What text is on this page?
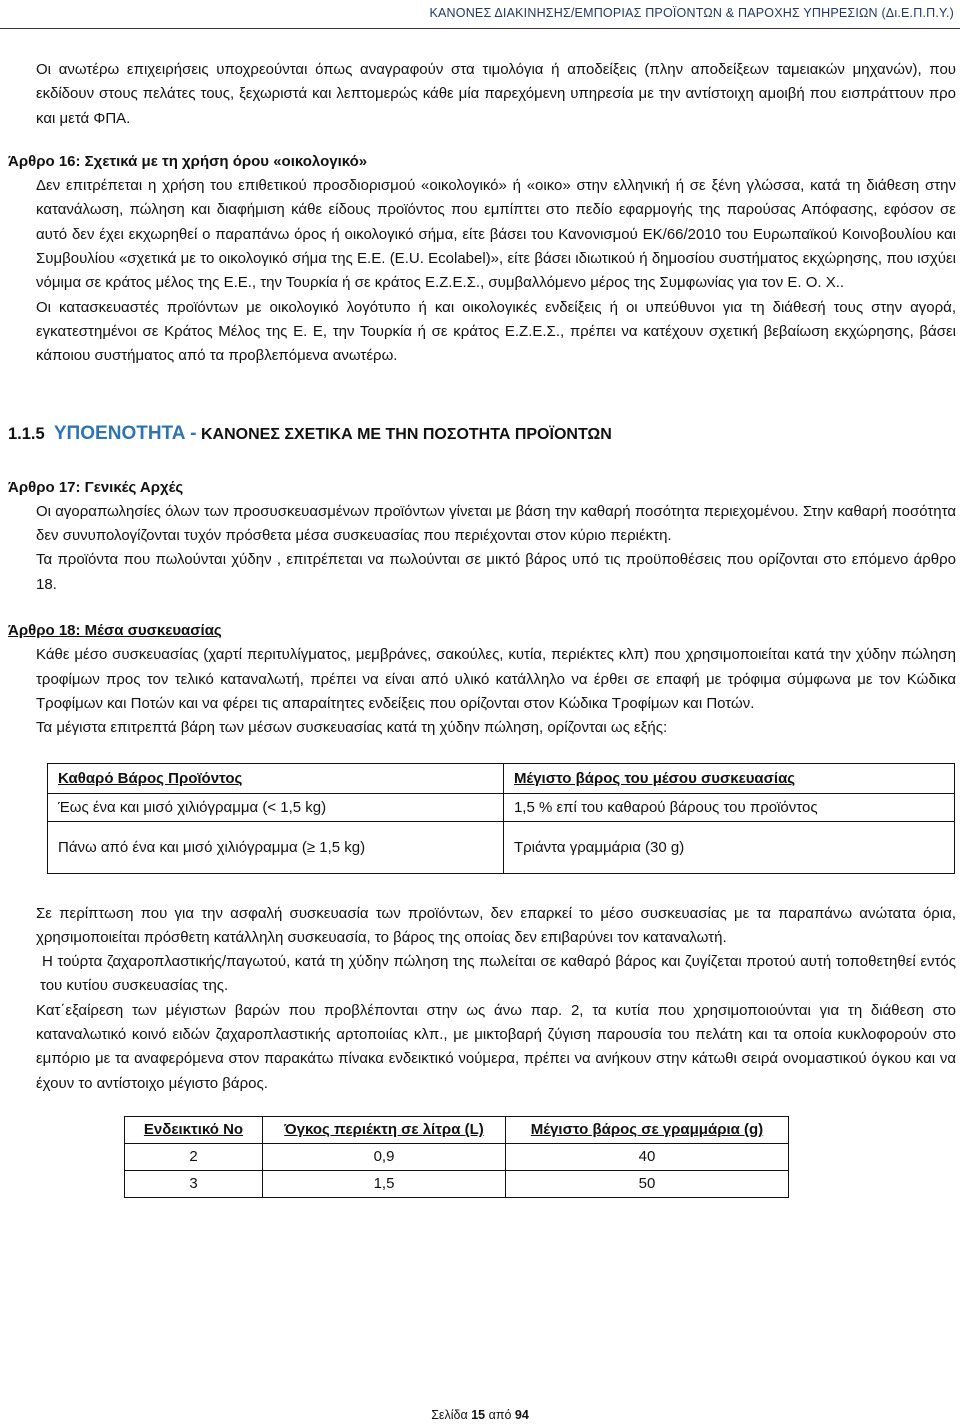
ΚΑΝΟΝΕΣ ΔΙΑΚΙΝΗΣΗΣ/ΕΜΠΟΡΙΑΣ ΠΡΟΪΟΝΤΩΝ & ΠΑΡΟΧΗΣ ΥΠΗΡΕΣΙΩΝ (Δι.Ε.Π.Π.Υ.)

Οι ανωτέρω επιχειρήσεις υποχρεούνται όπως αναγραφούν στα τιμολόγια ή αποδείξεις (πλην αποδείξεων ταμειακών μηχανών), που εκδίδουν στους πελάτες τους, ξεχωριστά και λεπτομερώς κάθε μία παρεχόμενη υπηρεσία με την αντίστοιχη αμοιβή που εισπράττουν προ και μετά ΦΠΑ.

Άρθρο 16: Σχετικά με τη χρήση όρου «οικολογικό»

Δεν επιτρέπεται η χρήση του επιθετικού προσδιορισμού «οικολογικό» ή «οικο» στην ελληνική ή σε ξένη γλώσσα, κατά τη διάθεση στην κατανάλωση, πώληση και διαφήμιση κάθε είδους προϊόντος που εμπίπτει στο πεδίο εφαρμογής της παρούσας Απόφασης, εφόσον σε αυτό δεν έχει εκχωρηθεί ο παραπάνω όρος ή οικολογικό σήμα, είτε βάσει του Κανονισμού ΕΚ/66/2010 του Ευρωπαϊκού Κοινοβουλίου και Συμβουλίου «σχετικά με το οικολογικό σήμα της Ε.Ε. (E.U. Ecolabel)», είτε βάσει ιδιωτικού ή δημοσίου συστήματος εκχώρησης, που ισχύει νόμιμα σε κράτος μέλος της Ε.Ε., την Τουρκία ή σε κράτος Ε.Ζ.Ε.Σ., συμβαλλόμενο μέρος της Συμφωνίας για τον Ε. Ο. Χ..

Οι κατασκευαστές προϊόντων με οικολογικό λογότυπο ή και οικολογικές ενδείξεις ή οι υπεύθυνοι για τη διάθεσή τους στην αγορά, εγκατεστημένοι σε Κράτος Μέλος της Ε. Ε, την Τουρκία ή σε κράτος Ε.Ζ.Ε.Σ., πρέπει να κατέχουν σχετική βεβαίωση εκχώρησης, βάσει κάποιου συστήματος από τα προβλεπόμενα ανωτέρω.

1.1.5 ΥΠΟΕΝΟΤΗΤΑ - ΚΑΝΟΝΕΣ ΣΧΕΤΙΚΑ ΜΕ ΤΗΝ ΠΟΣΟΤΗΤΑ ΠΡΟΪΟΝΤΩΝ

Άρθρο 17: Γενικές Αρχές

Οι αγοραπωλησίες όλων των προσυσκευασμένων προϊόντων γίνεται με βάση την καθαρή ποσότητα περιεχομένου. Στην καθαρή ποσότητα δεν συνυπολογίζονται τυχόν πρόσθετα μέσα συσκευασίας που περιέχονται στον κύριο περιέκτη.

Τα προϊόντα που πωλούνται χύδην , επιτρέπεται να πωλούνται σε μικτό βάρος υπό τις προϋποθέσεις που ορίζονται στο επόμενο άρθρο 18.

Άρθρο 18: Μέσα συσκευασίας

Κάθε μέσο συσκευασίας (χαρτί περιτυλίγματος, μεμβράνες, σακούλες, κυτία, περιέκτες κλπ) που χρησιμοποιείται κατά την χύδην πώληση τροφίμων προς τον τελικό καταναλωτή, πρέπει να είναι από υλικό κατάλληλο να έρθει σε επαφή με τρόφιμα σύμφωνα με τον Κώδικα Τροφίμων και Ποτών και να φέρει τις απαραίτητες ενδείξεις που ορίζονται στον Κώδικα Τροφίμων και Ποτών.

Τα μέγιστα επιτρεπτά βάρη των μέσων συσκευασίας κατά τη χύδην πώληση, ορίζονται ως εξής:

Καθαρό Βάρος Προϊόντος	Μέγιστο βάρος του μέσου συσκευασίας
Έως ένα και μισό χιλιόγραμμα (< 1,5 kg)	1,5 % επί του καθαρού βάρους του προϊόντος
Πάνω από ένα και μισό χιλιόγραμμα (≥ 1,5 kg)	Τριάντα γραμμάρια (30 g)

Σε περίπτωση που για την ασφαλή συσκευασία των προϊόντων, δεν επαρκεί το μέσο συσκευασίας με τα παραπάνω ανώτατα όρια, χρησιμοποιείται πρόσθετη κατάλληλη συσκευασία, το βάρος της οποίας δεν επιβαρύνει τον καταναλωτή.

Η τούρτα ζαχαροπλαστικής/παγωτού, κατά τη χύδην πώληση της πωλείται σε καθαρό βάρος και ζυγίζεται προτού αυτή τοποθετηθεί εντός του κυτίου συσκευασίας της.

Κατ΄εξαίρεση των μέγιστων βαρών που προβλέπονται στην ως άνω παρ. 2, τα κυτία που χρησιμοποιούνται για τη διάθεση στο καταναλωτικό κοινό ειδών ζαχαροπλαστικής αρτοποιίας κλπ., με μικτοβαρή ζύγιση παρουσία του πελάτη και τα οποία κυκλοφορούν στο εμπόριο με τα αναφερόμενα στον παρακάτω πίνακα ενδεικτικό νούμερα, πρέπει να ανήκουν στην κάτωθι σειρά ονομαστικού όγκου και να έχουν το αντίστοιχο μέγιστο βάρος.

Ενδεικτικό Νο	Όγκος περιέκτη σε λίτρα (L)	Μέγιστο βάρος σε γραμμάρια (g)
2	0,9	40
3	1,5	50
Σελίδα 15 από 94
